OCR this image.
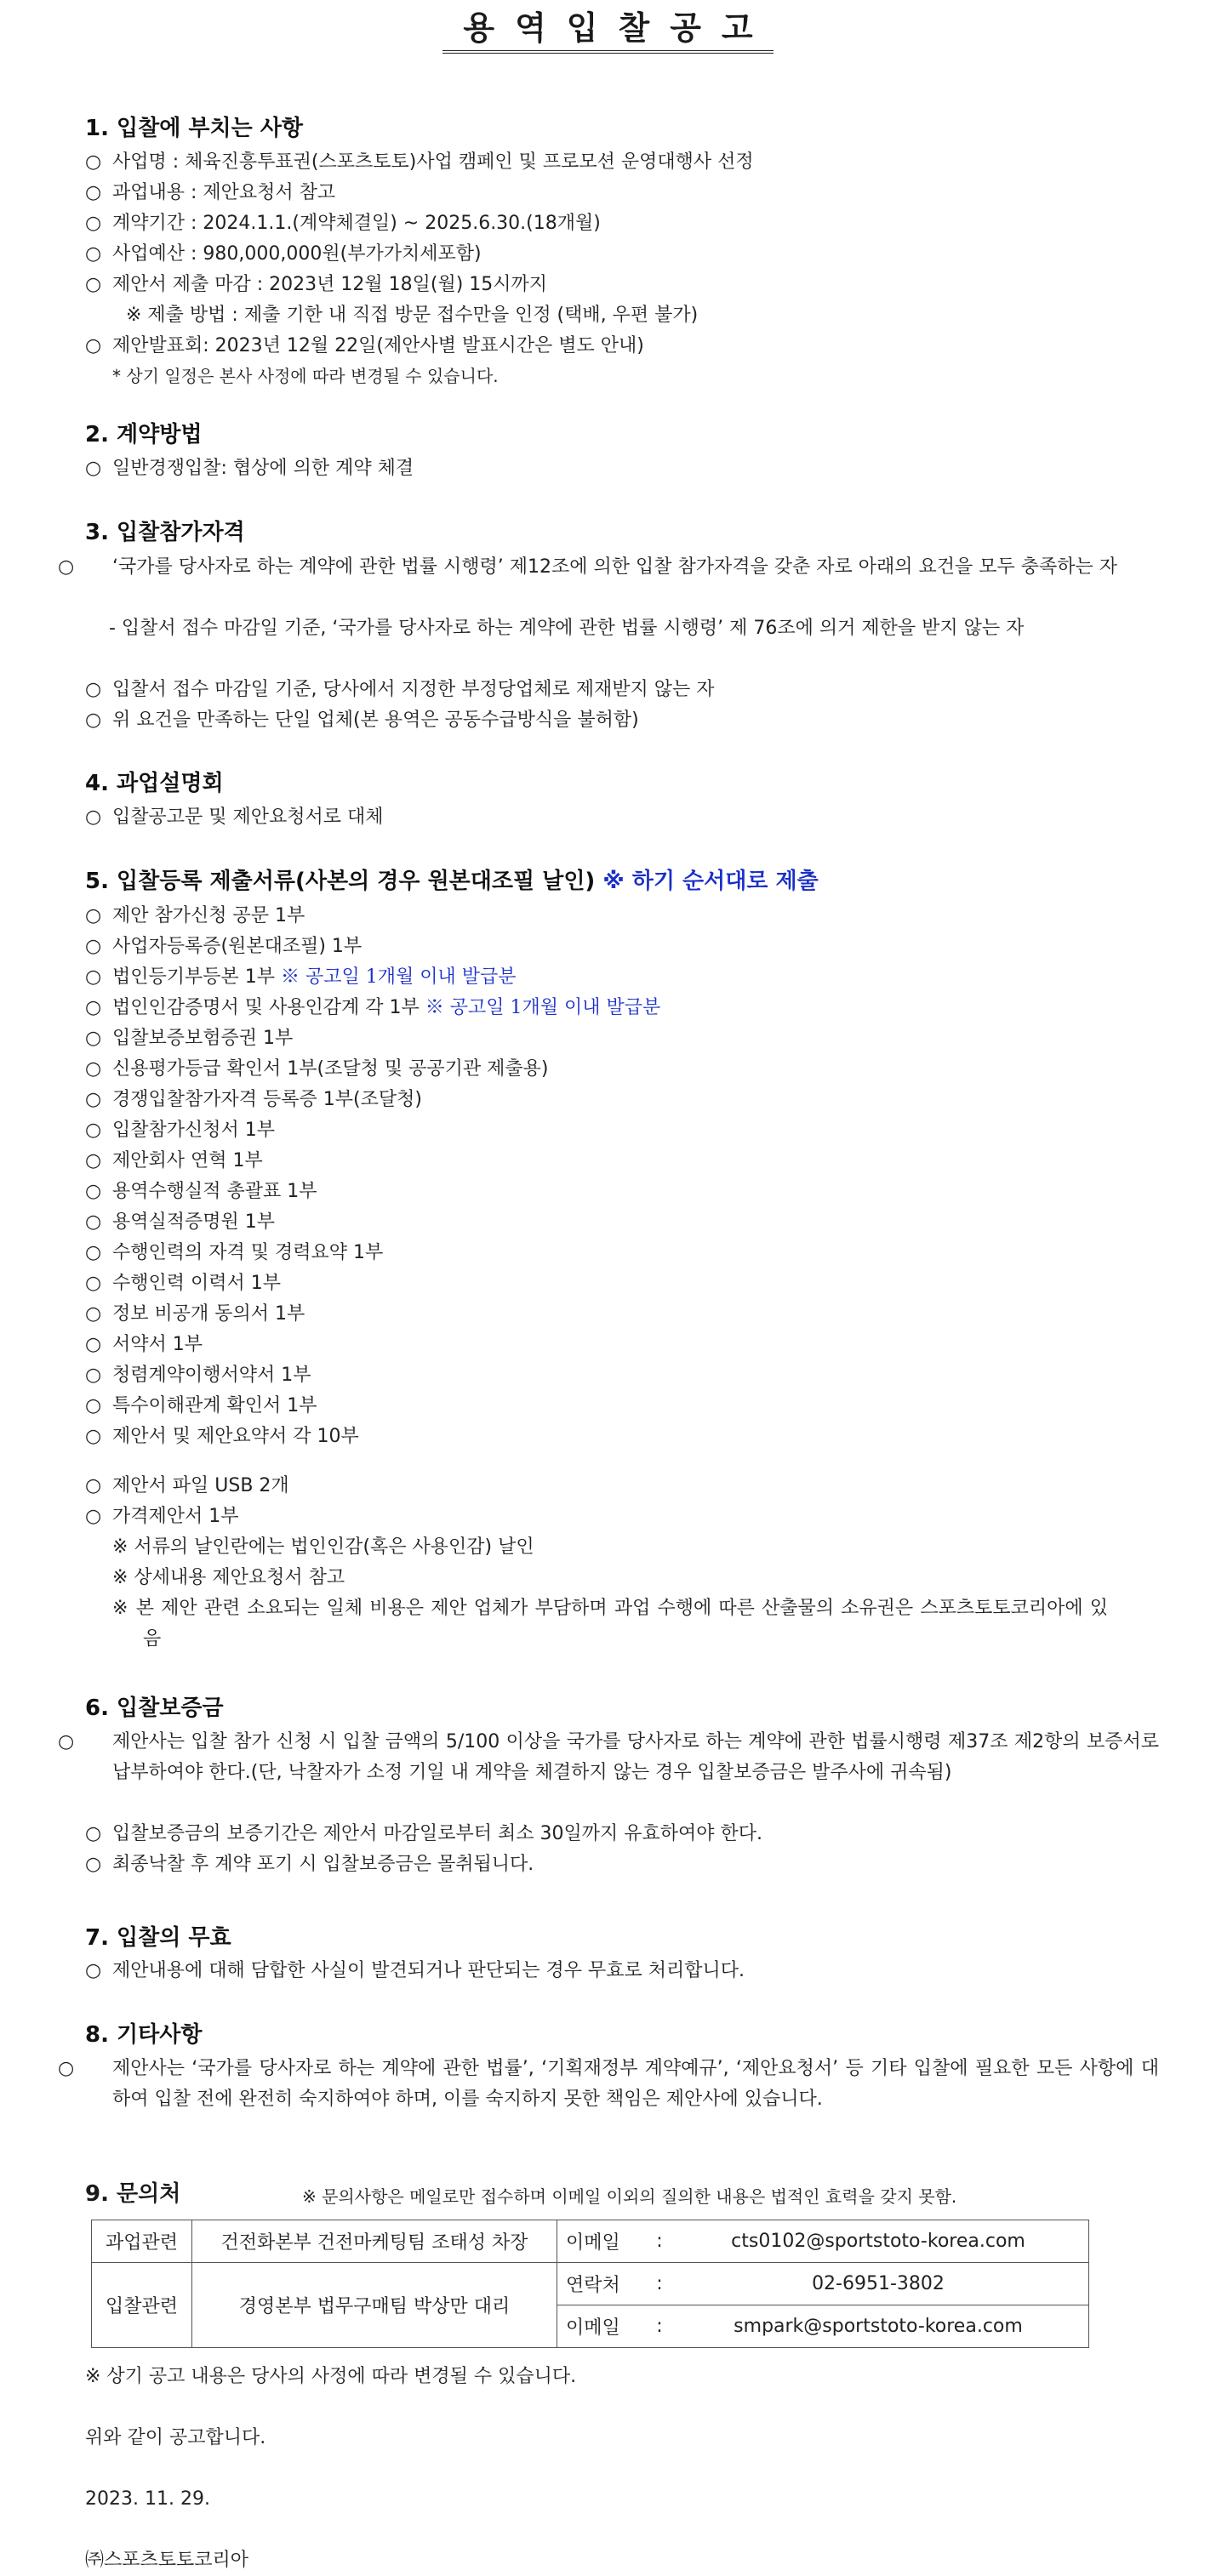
용역입찰공고
1. 입찰에 부치는 사항
○ 사업명 : 체육진흥투표권(스포츠토토)사업 캠페인 및 프로모션 운영대행사 선정
○ 과업내용 : 제안요청서 참고
○ 계약기간 : 2024.1.1.(계약체결일) ~ 2025.6.30.(18개월)
○ 사업예산 : 980,000,000원(부가가치세포함)
○ 제안서 제출 마감 : 2023년 12월 18일(월) 15시까지
※ 제출 방법 : 제출 기한 내 직접 방문 접수만을 인정 (택배, 우편 불가)
○ 제안발표회: 2023년 12월 22일(제안사별 발표시간은 별도 안내)
* 상기 일정은 본사 사정에 따라 변경될 수 있습니다.
2. 계약방법
○ 일반경쟁입찰: 협상에 의한 계약 체결
3. 입찰참가자격
○ ‘국가를 당사자로 하는 계약에 관한 법률 시행령’ 제12조에 의한 입찰 참가자격을 갖춘 자로 아래의 요건을 모두 충족하는 자
- 입찰서 접수 마감일 기준, ‘국가를 당사자로 하는 계약에 관한 법률 시행령’ 제 76조에 의거 제한을 받지 않는 자
○ 입찰서 접수 마감일 기준, 당사에서 지정한 부정당업체로 제재받지 않는 자
○ 위 요건을 만족하는 단일 업체(본 용역은 공동수급방식을 불허함)
4. 과업설명회
○ 입찰공고문 및 제안요청서로 대체
5. 입찰등록 제출서류(사본의 경우 원본대조필 날인) ※ 하기 순서대로 제출
○ 제안 참가신청 공문 1부
○ 사업자등록증(원본대조필) 1부
○ 법인등기부등본 1부 ※ 공고일 1개월 이내 발급분
○ 법인인감증명서 및 사용인감계 각 1부 ※ 공고일 1개월 이내 발급분
○ 입찰보증보험증권 1부
○ 신용평가등급 확인서 1부(조달청 및 공공기관 제출용)
○ 경쟁입찰참가자격 등록증 1부(조달청)
○ 입찰참가신청서 1부
○ 제안회사 연혁 1부
○ 용역수행실적 총괄표 1부
○ 용역실적증명원 1부
○ 수행인력의 자격 및 경력요약 1부
○ 수행인력 이력서 1부
○ 정보 비공개 동의서 1부
○ 서약서 1부
○ 청렴계약이행서약서 1부
○ 특수이해관계 확인서 1부
○ 제안서 및 제안요약서 각 10부
○ 제안서 파일 USB 2개
○ 가격제안서 1부
※ 서류의 날인란에는 법인인감(혹은 사용인감) 날인
※ 상세내용 제안요청서 참고
※ 본 제안 관련 소요되는 일체 비용은 제안 업체가 부담하며 과업 수행에 따른 산출물의 소유권은 스포츠토토코리아에 있음
6. 입찰보증금
○ 제안사는 입찰 참가 신청 시 입찰 금액의 5/100 이상을 국가를 당사자로 하는 계약에 관한 법률시행령 제37조 제2항의 보증서로 납부하여야 한다.(단, 낙찰자가 소정 기일 내 계약을 체결하지 않는 경우 입찰보증금은 발주사에 귀속됨)
○ 입찰보증금의 보증기간은 제안서 마감일로부터 최소 30일까지 유효하여야 한다.
○ 최종낙찰 후 계약 포기 시 입찰보증금은 몰취됩니다.
7. 입찰의 무효
○ 제안내용에 대해 담합한 사실이 발견되거나 판단되는 경우 무효로 처리합니다.
8. 기타사항
○ 제안사는 ‘국가를 당사자로 하는 계약에 관한 법률’, ‘기획재정부 계약예규’, ‘제안요청서’ 등 기타 입찰에 필요한 모든 사항에 대하여 입찰 전에 완전히 숙지하여야 하며, 이를 숙지하지 못한 책임은 제안사에 있습니다.
9. 문의처	※ 문의사항은 메일로만 접수하며 이메일 이외의 질의한 내용은 법적인 효력을 갖지 못함.
과업관련	건전화본부 건전마케팅팀 조태성 차장	이메일	:	cts0102@sportstoto-korea.com
입찰관련	경영본부 법무구매팀 박상만 대리	연락처	:	02-6951-3802
		이메일	:	smpark@sportstoto-korea.com
※ 상기 공고 내용은 당사의 사정에 따라 변경될 수 있습니다.
위와 같이 공고합니다.
2023. 11. 29.
㈜스포츠토토코리아
